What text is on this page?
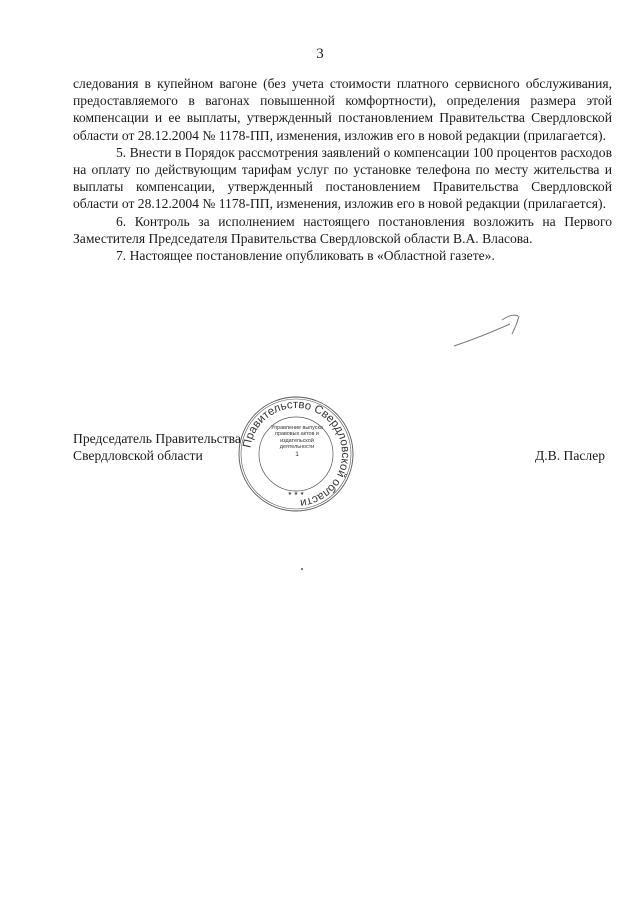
3

следования в купейном вагоне (без учета стоимости платного сервисного обслуживания, предоставляемого в вагонах повышенной комфортности), определения размера этой компенсации и ее выплаты, утвержденный постановлением Правительства Свердловской области от 28.12.2004 № 1178-ПП, изменения, изложив его в новой редакции (прилагается).

5. Внести в Порядок рассмотрения заявлений о компенсации 100 процентов расходов на оплату по действующим тарифам услуг по установке телефона по месту жительства и выплаты компенсации, утвержденный постановлением Правительства Свердловской области от 28.12.2004 № 1178-ПП, изменения, изложив его в новой редакции (прилагается).

6. Контроль за исполнением настоящего постановления возложить на Первого Заместителя Председателя Правительства Свердловской области В.А. Власова.

7. Настоящее постановление опубликовать в «Областной газете».

Председатель Правительства
Свердловской области	Д.В. Паслер
Правительство Свердловской области
★ ★ ★
Управление выпуска правовых актов и издательской деятельности
1
